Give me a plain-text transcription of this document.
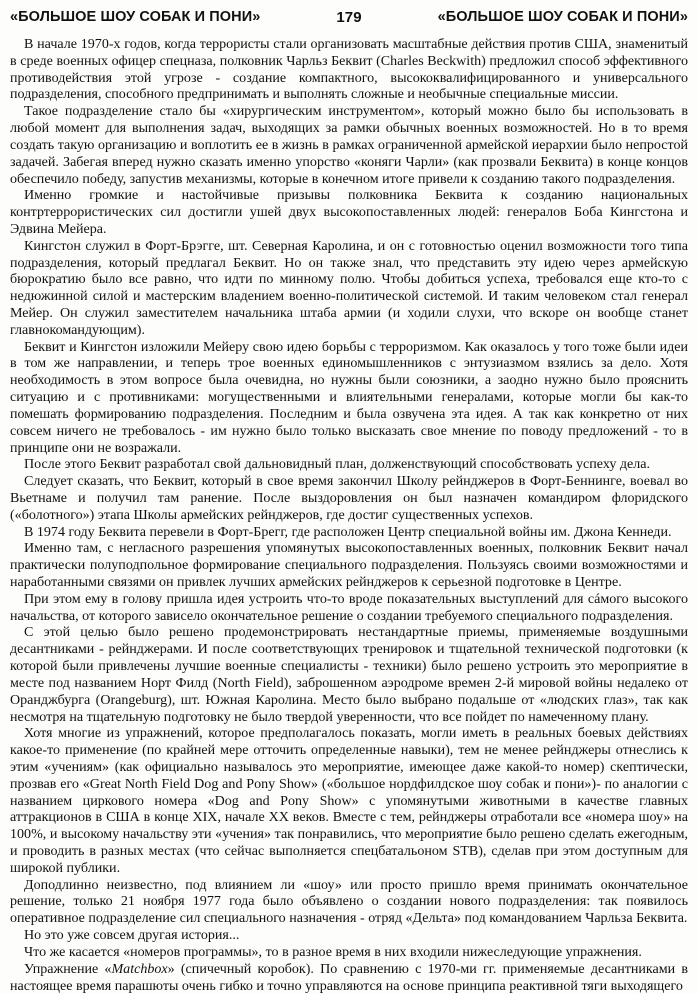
«БОЛЬШОЕ ШОУ СОБАК И ПОНИ»	179	«БОЛЬШОЕ ШОУ СОБАК И ПОНИ»

В начале 1970-х годов, когда террористы стали организовать масштабные действия против США, знаменитый в среде военных офицер спецназа, полковник Чарльз Беквит (Charles Beckwith) предложил способ эффективного противодействия этой угрозе - создание компактного, высококвалифицированного и универсального подразделения, способного предпринимать и выполнять сложные и необычные специальные миссии.

Такое подразделение стало бы «хирургическим инструментом», который можно было бы использовать в любой момент для выполнения задач, выходящих за рамки обычных военных возможностей. Но в то время создать такую организацию и воплотить ее в жизнь в рамках ограниченной армейской иерархии было непростой задачей. Забегая вперед нужно сказать именно упорство «коняги Чарли» (как прозвали Беквита) в конце концов обеспечило победу, запустив механизмы, которые в конечном итоге привели к созданию такого подразделения.

Именно громкие и настойчивые призывы полковника Беквита к созданию национальных контртеррористических сил достигли ушей двух высокопоставленных людей: генералов Боба Кингстона и Эдвина Мейера.

Кингстон служил в Форт-Брэгге, шт. Северная Каролина, и он с готовностью оценил возможности того типа подразделения, который предлагал Беквит. Но он также знал, что представить эту идею через армейскую бюрократию было все равно, что идти по минному полю. Чтобы добиться успеха, требовался еще кто-то с недюжинной силой и мастерским владением военно-политической системой. И таким человеком стал генерал Мейер. Он служил заместителем начальника штаба армии (и ходили слухи, что вскоре он вообще станет главнокомандующим).

Беквит и Кингстон изложили Мейеру свою идею борьбы с терроризмом. Как оказалось у того тоже были идеи в том же направлении, и теперь трое военных единомышленников с энтузиазмом взялись за дело. Хотя необходимость в этом вопросе была очевидна, но нужны были союзники, а заодно нужно было прояснить ситуацию и с противниками: могущественными и влиятельными генералами, которые могли бы как-то помешать формированию подразделения. Последним и была озвучена эта идея. А так как конкретно от них совсем ничего не требовалось - им нужно было только высказать свое мнение по поводу предложений - то в принципе они не возражали.

После этого Беквит разработал свой дальновидный план, долженствующий способствовать успеху дела.

Следует сказать, что Беквит, который в свое время закончил Школу рейнджеров в Форт-Беннинге, воевал во Вьетнаме и получил там ранение. После выздоровления он был назначен командиром флоридского («болотного») этапа Школы армейских рейнджеров, где достиг существенных успехов.

В 1974 году Беквита перевели в Форт-Брегг, где расположен Центр специальной войны им. Джона Кеннеди.

Именно там, с негласного разрешения упомянутых высокопоставленных военных, полковник Беквит начал практически полуподпольное формирование специального подразделения. Пользуясь своими возможностями и наработанными связями он привлек лучших армейских рейнджеров к серьезной подготовке в Центре.

При этом ему в голову пришла идея устроить что-то вроде показательных выступлений для сáмого высокого начальства, от которого зависело окончательное решение о создании требуемого специального подразделения.

С этой целью было решено продемонстрировать нестандартные приемы, применяемые воздушными десантниками - рейнджерами. И после соответствующих тренировок и тщательной технической подготовки (к которой были привлечены лучшие военные специалисты - техники) было решено устроить это мероприятие в месте под названием Норт Филд (North Field), заброшенном аэродроме времен 2-й мировой войны недалеко от Оранджбурга (Orangeburg), шт. Южная Каролина. Место было выбрано подальше от «людских глаз», так как несмотря на тщательную подготовку не было твердой уверенности, что все пойдет по намеченному плану.

Хотя многие из упражнений, которое предполагалось показать, могли иметь в реальных боевых действиях какое-то применение (по крайней мере отточить определенные навыки), тем не менее рейнджеры отнеслись к этим «учениям» (как официально называлось это мероприятие, имеющее даже какой-то номер) скептически, прозвав его «Great North Field Dog and Pony Show» («большое нордфилдское шоу собак и пони»)- по аналогии с названием циркового номера «Dog and Pony Show» с упомянутыми животными в качестве главных аттракционов в США в конце XIX, начале XX веков. Вместе с тем, рейнджеры отработали все «номера шоу» на 100%, и высокому начальству эти «учения» так понравились, что мероприятие было решено сделать ежегодным, и проводить в разных местах (что сейчас выполняется спецбатальоном STB), сделав при этом доступным для широкой публики.

Доподлинно неизвестно, под влиянием ли «шоу» или просто пришло время принимать окончательное решение, только 21 ноября 1977 года было объявлено о создании нового подразделения: так появилось оперативное подразделение сил специального назначения - отряд «Дельта» под командованием Чарльза Беквита.

Но это уже совсем другая история...

Что же касается «номеров программы», то в разное время в них входили нижеследующие упражнения.

Упражнение «Matchbox» (спичечный коробок). По сравнению с 1970-ми гг. применяемые десантниками в настоящее время парашюты очень гибко и точно управляются на основе принципа реактивной тяги выходящего
